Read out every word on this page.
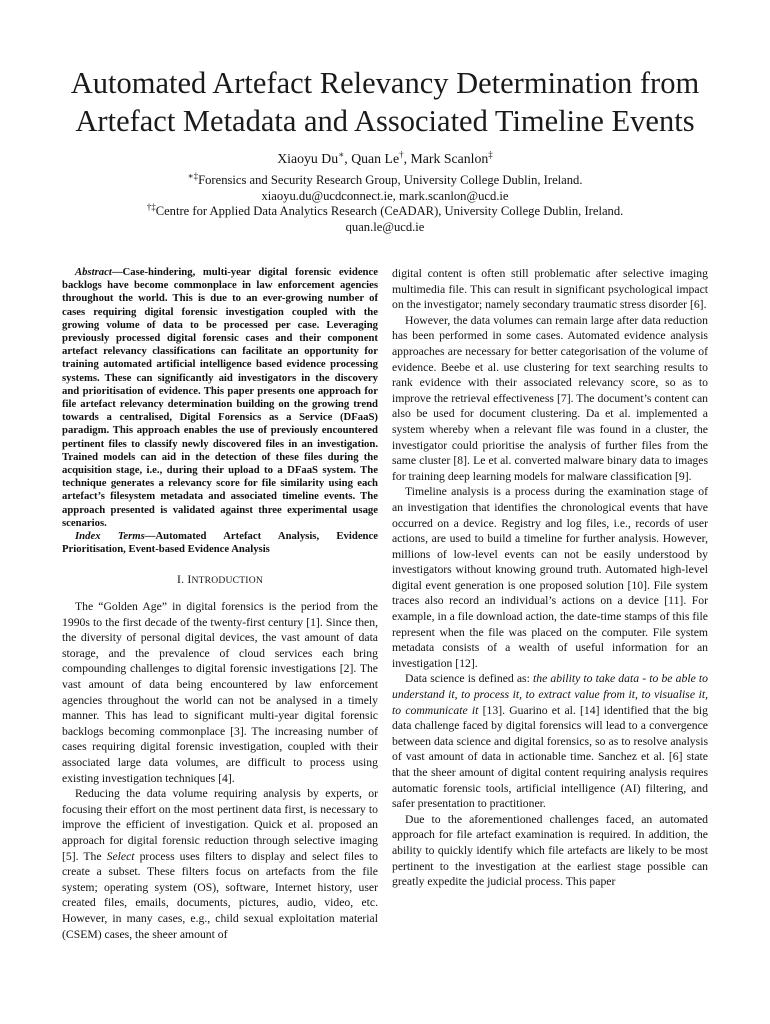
Automated Artefact Relevancy Determination from
Artefact Metadata and Associated Timeline Events
Xiaoyu Du∗, Quan Le†, Mark Scanlon‡
∗‡Forensics and Security Research Group, University College Dublin, Ireland.
xiaoyu.du@ucdconnect.ie, mark.scanlon@ucd.ie
†‡Centre for Applied Data Analytics Research (CeADAR), University College Dublin, Ireland.
quan.le@ucd.ie

Abstract—Case-hindering, multi-year digital forensic evidence backlogs have become commonplace in law enforcement agencies throughout the world. This is due to an ever-growing number of cases requiring digital forensic investigation coupled with the growing volume of data to be processed per case. Leveraging previously processed digital forensic cases and their component artefact relevancy classifications can facilitate an opportunity for training automated artificial intelligence based evidence processing systems. These can significantly aid investigators in the discovery and prioritisation of evidence. This paper presents one approach for file artefact relevancy determination building on the growing trend towards a centralised, Digital Forensics as a Service (DFaaS) paradigm. This approach enables the use of previously encountered pertinent files to classify newly discovered files in an investigation. Trained models can aid in the detection of these files during the acquisition stage, i.e., during their upload to a DFaaS system. The technique generates a relevancy score for file similarity using each artefact’s filesystem metadata and associated timeline events. The approach presented is validated against three experimental usage scenarios.

Index Terms—Automated Artefact Analysis, Evidence Prioritisation, Event-based Evidence Analysis

I. INTRODUCTION

The “Golden Age” in digital forensics is the period from the 1990s to the first decade of the twenty-first century [1]. Since then, the diversity of personal digital devices, the vast amount of data storage, and the prevalence of cloud services each bring compounding challenges to digital forensic investigations [2]. The vast amount of data being encountered by law enforcement agencies throughout the world can not be analysed in a timely manner. This has lead to significant multi-year digital forensic backlogs becoming commonplace [3]. The increasing number of cases requiring digital forensic investigation, coupled with their associated large data volumes, are difficult to process using existing investigation techniques [4].

Reducing the data volume requiring analysis by experts, or focusing their effort on the most pertinent data first, is necessary to improve the efficient of investigation. Quick et al. proposed an approach for digital forensic reduction through selective imaging [5]. The Select process uses filters to display and select files to create a subset. These filters focus on artefacts from the file system; operating system (OS), software, Internet history, user created files, emails, documents, pictures, audio, video, etc. However, in many cases, e.g., child sexual exploitation material (CSEM) cases, the sheer amount of

digital content is often still problematic after selective imaging multimedia file. This can result in significant psychological impact on the investigator; namely secondary traumatic stress disorder [6].

However, the data volumes can remain large after data reduction has been performed in some cases. Automated evidence analysis approaches are necessary for better categorisation of the volume of evidence. Beebe et al. use clustering for text searching results to rank evidence with their associated relevancy score, so as to improve the retrieval effectiveness [7]. The document’s content can also be used for document clustering. Da et al. implemented a system whereby when a relevant file was found in a cluster, the investigator could prioritise the analysis of further files from the same cluster [8]. Le et al. converted malware binary data to images for training deep learning models for malware classification [9].

Timeline analysis is a process during the examination stage of an investigation that identifies the chronological events that have occurred on a device. Registry and log files, i.e., records of user actions, are used to build a timeline for further analysis. However, millions of low-level events can not be easily understood by investigators without knowing ground truth. Automated high-level digital event generation is one proposed solution [10]. File system traces also record an individual’s actions on a device [11]. For example, in a file download action, the date-time stamps of this file represent when the file was placed on the computer. File system metadata consists of a wealth of useful information for an investigation [12].

Data science is defined as: the ability to take data - to be able to understand it, to process it, to extract value from it, to visualise it, to communicate it [13]. Guarino et al. [14] identified that the big data challenge faced by digital forensics will lead to a convergence between data science and digital forensics, so as to resolve analysis of vast amount of data in actionable time. Sanchez et al. [6] state that the sheer amount of digital content requiring analysis requires automatic forensic tools, artificial intelligence (AI) filtering, and safer presentation to practitioner.

Due to the aforementioned challenges faced, an automated approach for file artefact examination is required. In addition, the ability to quickly identify which file artefacts are likely to be most pertinent to the investigation at the earliest stage possible can greatly expedite the judicial process. This paper
